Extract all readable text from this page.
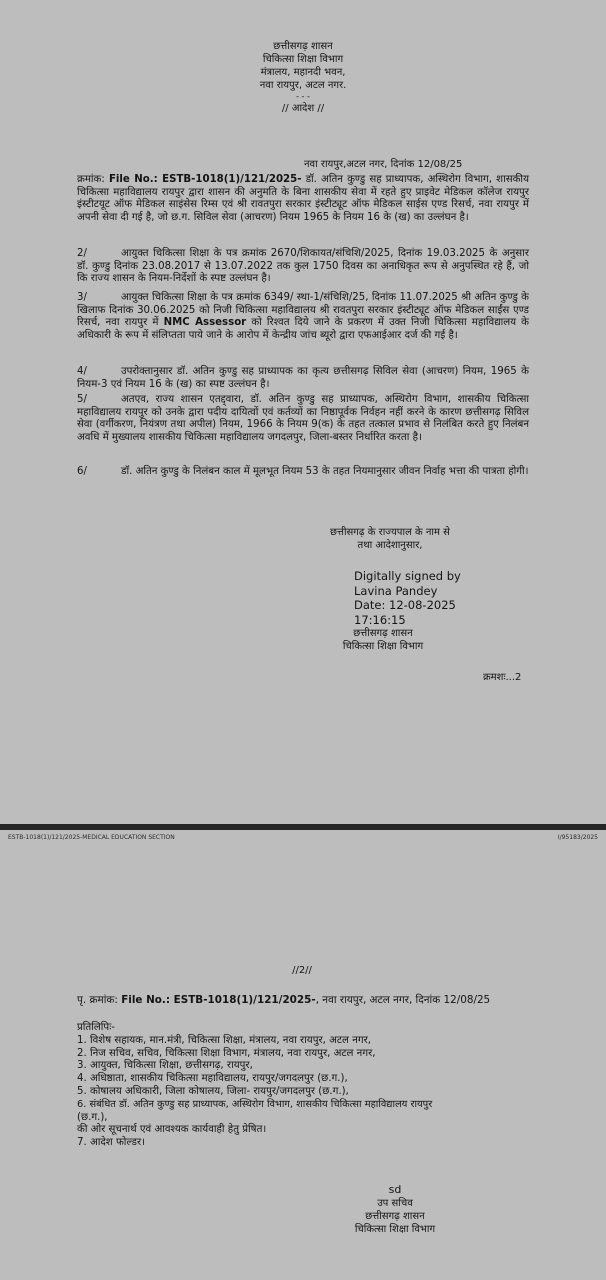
छत्तीसगढ़ शासन
चिकित्सा शिक्षा विभाग
मंत्रालय, महानदी भवन,
नवा रायपुर, अटल नगर.
- - -
// आदेश //
नवा रायपुर,अटल नगर, दिनांक 12/08/25
क्रमांक: File No.: ESTB-1018(1)/121/2025- डॉ. अतिन कुण्डु सह प्राध्यापक, अस्थिरोग विभाग, शासकीय चिकित्सा महाविद्यालय रायपुर द्वारा शासन की अनुमति के बिना शासकीय सेवा में रहते हुए प्राइवेट मेडिकल कॉलेज रायपुर इंस्टीटयूट ऑफ मेडिकल साइंसेस रिम्स एवं श्री रावतपुरा सरकार इंस्टीट्यूट ऑफ मेडिकल साईस एण्ड रिसर्च, नवा रायपुर में अपनी सेवा दी गई है, जो छ.ग. सिविल सेवा (आचरण) नियम 1965 के नियम 16 के (ख) का उल्लंघन है।
2/	आयुक्त चिकित्सा शिक्षा के पत्र क्रमांक 2670/शिकायत/संचिशि/2025, दिनांक 19.03.2025 के अनुसार डॉ. कुण्डु दिनांक 23.08.2017 से 13.07.2022 तक कुल 1750 दिवस का अनाधिकृत रूप से अनुपस्थित रहे हैं, जो कि राज्य शासन के नियम-निर्देशों के स्पष्ट उल्लंघन है।
3/	आयुक्त चिकित्सा शिक्षा के पत्र क्रमांक 6349/ स्था-1/संचिशि/25, दिनांक 11.07.2025 श्री अतिन कुण्डु के खिलाफ दिनांक 30.06.2025 को निजी चिकित्सा महाविद्यालय श्री रावतपुरा सरकार इंस्टीट्यूट ऑफ मेडिकल साईंस एण्ड रिसर्च, नवा रायपुर में NMC Assessor को रिश्वत दिये जाने के प्रकरण में उक्त निजी चिकित्सा महाविद्यालय के अधिकारी के रूप में संलिप्तता पाये जाने के आरोप में केन्द्रीय जांच ब्यूरो द्वारा एफआईआर दर्ज की गई है।
4/	उपरोक्तानुसार डॉ. अतिन कुण्डु सह प्राध्यापक का कृत्य छत्तीसगढ़ सिविल सेवा (आचरण) नियम, 1965 के नियम-3 एवं नियम 16 के (ख) का स्पष्ट उल्लंघन है।
5/	अतएव, राज्य शासन एतद्द्वारा, डॉ. अतिन कुण्डु सह प्राध्यापक, अस्थिरोग विभाग, शासकीय चिकित्सा महाविद्यालय रायपुर को उनके द्वारा पदीय दायित्वों एवं कर्तव्यों का निष्ठापूर्वक निर्वहन नहीं करने के कारण छत्तीसगढ़ सिविल सेवा (वर्गीकरण, नियंत्रण तथा अपील) नियम, 1966 के नियम 9(क) के तहत तत्काल प्रभाव से निलंबित करते हुए निलंबन अवधि में मुख्यालय शासकीय चिकित्सा महाविद्यालय जगदलपुर, जिला-बस्तर निर्धारित करता है।
6/	डॉ. अतिन कुण्डु के निलंबन काल में मूलभूत नियम 53 के तहत नियमानुसार जीवन निर्वाह भत्ता की पात्रता होगी।
छत्तीसगढ़ के राज्यपाल के नाम से
तथा आदेशानुसार,
Digitally signed by
Lavina Pandey
Date: 12-08-2025
17:16:15
छत्तीसगढ़ शासन
चिकित्सा शिक्षा विभाग
क्रमशः...2
ESTB-1018(1)/121/2025-MEDICAL EDUCATION SECTION	I/95183/2025
//2//
पृ. क्रमांक: File No.: ESTB-1018(1)/121/2025-, नवा रायपुर, अटल नगर, दिनांक 12/08/25
प्रतिलिपिः-
1. विशेष सहायक, मान.मंत्री, चिकित्सा शिक्षा, मंत्रालय, नवा रायपुर, अटल नगर,
2. निज सचिव, सचिव, चिकित्सा शिक्षा विभाग, मंत्रालय, नवा रायपुर, अटल नगर,
3. आयुक्त, चिकित्सा शिक्षा, छत्तीसगढ़, रायपुर,
4. अधिष्ठाता, शासकीय चिकित्सा महाविद्यालय, रायपुर/जगदलपुर (छ.ग.),
5. कोषालय अधिकारी, जिला कोषालय, जिला- रायपुर/जगदलपुर (छ.ग.),
6. संबंधित डॉ. अतिन कुण्डु सह प्राध्यापक, अस्थिरोग विभाग, शासकीय चिकित्सा महाविद्यालय रायपुर
(छ.ग.),
की ओर सूचनार्थ एवं आवश्यक कार्यवाही हेतु प्रेषित।
7. आदेश फोल्डर।
sd
उप सचिव
छत्तीसगढ़ शासन
चिकित्सा शिक्षा विभाग
